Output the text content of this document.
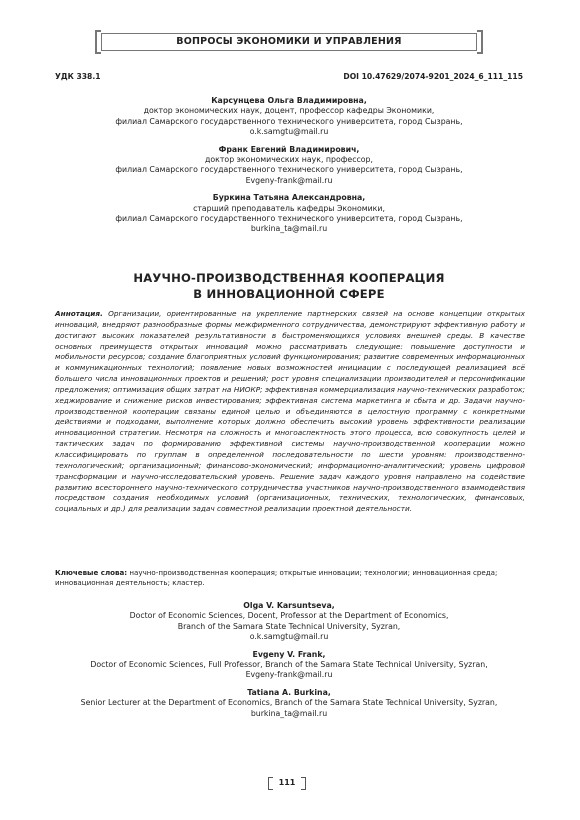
ВОПРОСЫ ЭКОНОМИКИ И УПРАВЛЕНИЯ
УДК 338.1	DOI 10.47629/2074-9201_2024_6_111_115
Карсунцева Ольга Владимировна,
доктор экономических наук, доцент, профессор кафедры Экономики,
филиал Самарского государственного технического университета, город Сызрань,
o.k.samgtu@mail.ru
Франк Евгений Владимирович,
доктор экономических наук, профессор,
филиал Самарского государственного технического университета, город Сызрань,
Evgeny-frank@mail.ru
Буркина Татьяна Александровна,
старший преподаватель кафедры Экономики,
филиал Самарского государственного технического университета, город Сызрань,
burkina_ta@mail.ru
НАУЧНО-ПРОИЗВОДСТВЕННАЯ КООПЕРАЦИЯ
В ИННОВАЦИОННОЙ СФЕРЕ
Аннотация. Организации, ориентированные на укрепление партнерских связей на основе концепции открытых инноваций, внедряют разнообразные формы межфирменного сотрудничества, демонстрируют эффективную работу и достигают высоких показателей результативности в быстроменяющихся условиях внешней среды. В качестве основных преимуществ открытых инноваций можно рассматривать следующие: повышение доступности и мобильности ресурсов; создание благоприятных условий функционирования; развитие современных информационных и коммуникационных технологий; появление новых возможностей инициации с последующей реализацией всё большего числа инновационных проектов и решений; рост уровня специализации производителей и персонификации предложения; оптимизация общих затрат на НИОКР; эффективная коммерциализация научно-технических разработок; хеджирование и снижение рисков инвестирования; эффективная система маркетинга и сбыта и др. Задачи научно-производственной кооперации связаны единой целью и объединяются в целостную программу с конкретными действиями и подходами, выполнение которых должно обеспечить высокий уровень эффективности реализации инновационной стратегии. Несмотря на сложность и многоаспектность этого процесса, всю совокупность целей и тактических задач по формированию эффективной системы научно-производственной кооперации можно классифицировать по группам в определенной последовательности по шести уровням: производственно-технологический; организационный; финансово-экономический; информационно-аналитический; уровень цифровой трансформации и научно-исследовательский уровень. Решение задач каждого уровня направлено на содействие развитию всестороннего научно-технического сотрудничества участников научно-производственного взаимодействия посредством создания необходимых условий (организационных, технических, технологических, финансовых, социальных и др.) для реализации задач совместной реализации проектной деятельности.
Ключевые слова: научно-производственная кооперация; открытые инновации; технологии; инновационная среда; инновационная деятельность; кластер.
Olga V. Karsuntseva,
Doctor of Economic Sciences, Docent, Professor at the Department of Economics,
Branch of the Samara State Technical University, Syzran,
o.k.samgtu@mail.ru
Evgeny V. Frank,
Doctor of Economic Sciences, Full Professor, Branch of the Samara State Technical University, Syzran,
Evgeny-frank@mail.ru
Tatiana A. Burkina,
Senior Lecturer at the Department of Economics, Branch of the Samara State Technical University, Syzran,
burkina_ta@mail.ru
111
